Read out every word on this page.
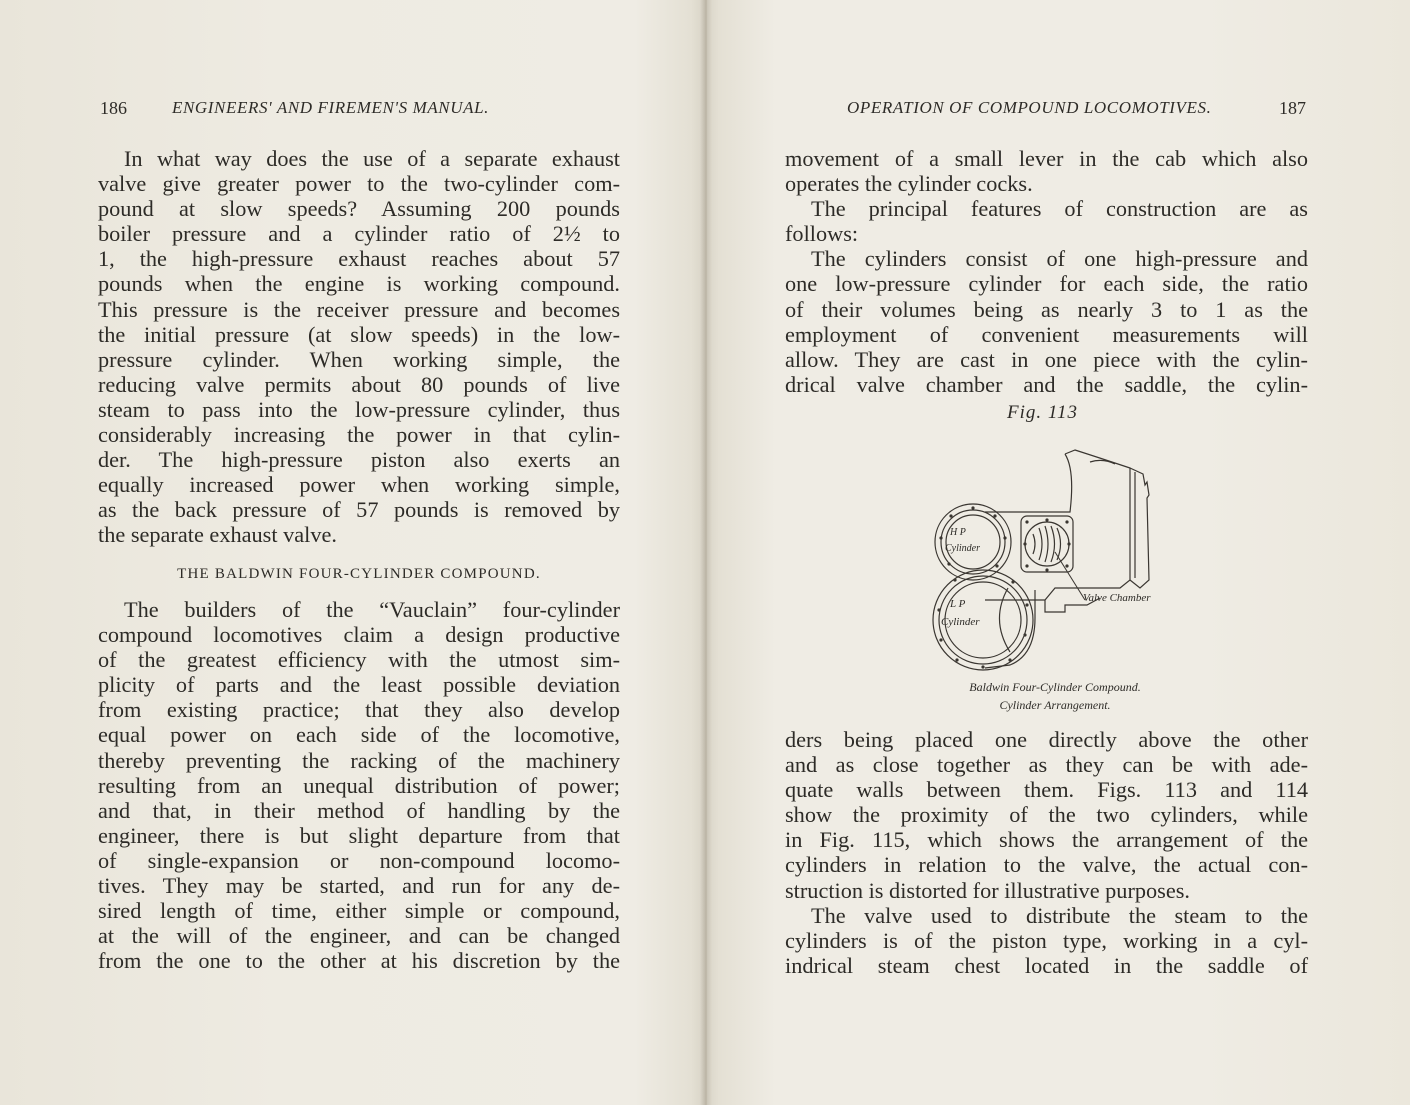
186	ENGINEERS' AND FIREMEN'S MANUAL.
In what way does the use of a separate exhaust
valve give greater power to the two-cylinder com-
pound at slow speeds? Assuming 200 pounds
boiler pressure and a cylinder ratio of 2½ to
1, the high-pressure exhaust reaches about 57
pounds when the engine is working compound.
This pressure is the receiver pressure and becomes
the initial pressure (at slow speeds) in the low-
pressure cylinder. When working simple, the
reducing valve permits about 80 pounds of live
steam to pass into the low-pressure cylinder, thus
considerably increasing the power in that cylin-
der. The high-pressure piston also exerts an
equally increased power when working simple,
as the back pressure of 57 pounds is removed by
the separate exhaust valve.
THE BALDWIN FOUR-CYLINDER COMPOUND.
The builders of the “Vauclain” four-cylinder
compound locomotives claim a design productive
of the greatest efficiency with the utmost sim-
plicity of parts and the least possible deviation
from existing practice; that they also develop
equal power on each side of the locomotive,
thereby preventing the racking of the machinery
resulting from an unequal distribution of power;
and that, in their method of handling by the
engineer, there is but slight departure from that
of single-expansion or non-compound locomo-
tives. They may be started, and run for any de-
sired length of time, either simple or compound,
at the will of the engineer, and can be changed
from the one to the other at his discretion by the
OPERATION OF COMPOUND LOCOMOTIVES.	187
movement of a small lever in the cab which also
operates the cylinder cocks.
The principal features of construction are as
follows:
The cylinders consist of one high-pressure and
one low-pressure cylinder for each side, the ratio
of their volumes being as nearly 3 to 1 as the
employment of convenient measurements will
allow. They are cast in one piece with the cylin-
drical valve chamber and the saddle, the cylin-
Fig. 113
H P
Cylinder
L P
Cylinder
Valve Chamber
Baldwin Four-Cylinder Compound.
Cylinder Arrangement.
ders being placed one directly above the other
and as close together as they can be with ade-
quate walls between them. Figs. 113 and 114
show the proximity of the two cylinders, while
in Fig. 115, which shows the arrangement of the
cylinders in relation to the valve, the actual con-
struction is distorted for illustrative purposes.
The valve used to distribute the steam to the
cylinders is of the piston type, working in a cyl-
indrical steam chest located in the saddle of
